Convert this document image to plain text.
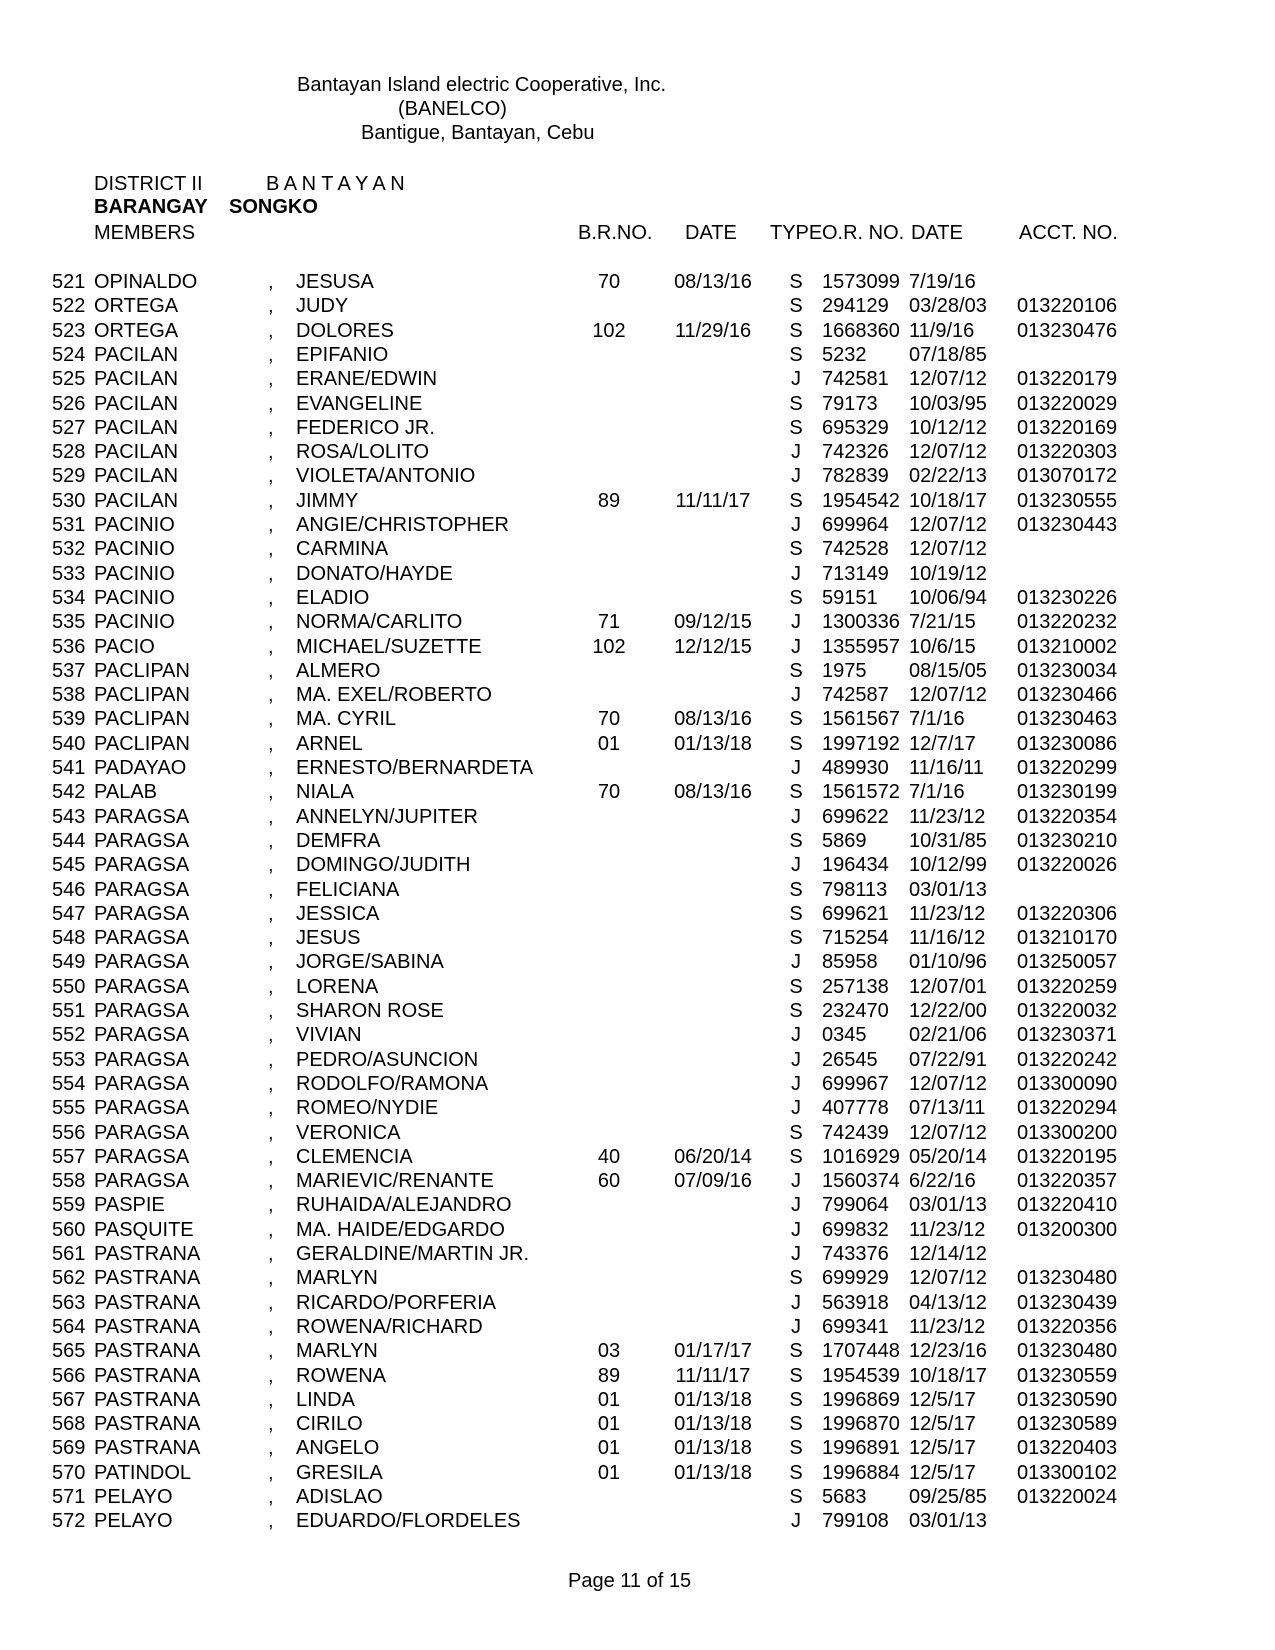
Bantayan Island electric Cooperative, Inc.
(BANELCO)
Bantigue, Bantayan, Cebu
DISTRICT II	B A N T A Y A N
BARANGAY SONGKO
MEMBERS	B.R.NO. DATE TYPE O.R. NO. DATE	ACCT. NO.
521 OPINALDO	, JESUSA	70	08/13/16 S 1573099 7/19/16
522 ORTEGA	, JUDY	S 294129 03/28/03 013220106
523 ORTEGA	, DOLORES	102	11/29/16 S 1668360 11/9/16 013230476
524 PACILAN	, EPIFANIO	S 5232 07/18/85
525 PACILAN	, ERANE/EDWIN	J 742581 12/07/12 013220179
526 PACILAN	, EVANGELINE	S 79173 10/03/95 013220029
527 PACILAN	, FEDERICO JR.	S 695329 10/12/12 013220169
528 PACILAN	, ROSA/LOLITO	J 742326 12/07/12 013220303
529 PACILAN	, VIOLETA/ANTONIO	J 782839 02/22/13 013070172
530 PACILAN	, JIMMY	89	11/11/17 S 1954542 10/18/17 013230555
531 PACINIO	, ANGIE/CHRISTOPHER	J 699964 12/07/12 013230443
532 PACINIO	, CARMINA	S 742528 12/07/12
533 PACINIO	, DONATO/HAYDE	J 713149 10/19/12
534 PACINIO	, ELADIO	S 59151 10/06/94 013230226
535 PACINIO	, NORMA/CARLITO	71	09/12/15 J 1300336 7/21/15 013220232
536 PACIO	, MICHAEL/SUZETTE	102	12/12/15 J 1355957 10/6/15 013210002
537 PACLIPAN	, ALMERO	S 1975 08/15/05 013230034
538 PACLIPAN	, MA. EXEL/ROBERTO	J 742587 12/07/12 013230466
539 PACLIPAN	, MA. CYRIL	70	08/13/16 S 1561567 7/1/16	013230463
540 PACLIPAN	, ARNEL	01	01/13/18 S 1997192 12/7/17 013230086
541 PADAYAO	, ERNESTO/BERNARDETA	J 489930 11/16/11 013220299
542 PALAB	, NIALA	70	08/13/16 S 1561572 7/1/16	013230199
543 PARAGSA	, ANNELYN/JUPITER	J 699622 11/23/12 013220354
544 PARAGSA	, DEMFRA	S 5869 10/31/85 013230210
545 PARAGSA	, DOMINGO/JUDITH	J 196434 10/12/99 013220026
546 PARAGSA	, FELICIANA	S 798113 03/01/13
547 PARAGSA	, JESSICA	S 699621 11/23/12 013220306
548 PARAGSA	, JESUS	S 715254 11/16/12 013210170
549 PARAGSA	, JORGE/SABINA	J 85958 01/10/96 013250057
550 PARAGSA	, LORENA	S 257138 12/07/01 013220259
551 PARAGSA	, SHARON ROSE	S 232470 12/22/00 013220032
552 PARAGSA	, VIVIAN	J 0345 02/21/06 013230371
553 PARAGSA	, PEDRO/ASUNCION	J 26545 07/22/91 013220242
554 PARAGSA	, RODOLFO/RAMONA	J 699967 12/07/12 013300090
555 PARAGSA	, ROMEO/NYDIE	J 407778 07/13/11 013220294
556 PARAGSA	, VERONICA	S 742439 12/07/12 013300200
557 PARAGSA	, CLEMENCIA	40	06/20/14 S 1016929 05/20/14 013220195
558 PARAGSA	, MARIEVIC/RENANTE	60	07/09/16 J 1560374 6/22/16 013220357
559 PASPIE	, RUHAIDA/ALEJANDRO	J 799064 03/01/13 013220410
560 PASQUITE	, MA. HAIDE/EDGARDO	J 699832 11/23/12 013200300
561 PASTRANA	, GERALDINE/MARTIN JR.	J 743376 12/14/12
562 PASTRANA	, MARLYN	S 699929 12/07/12 013230480
563 PASTRANA	, RICARDO/PORFERIA	J 563918 04/13/12 013230439
564 PASTRANA	, ROWENA/RICHARD	J 699341 11/23/12 013220356
565 PASTRANA	, MARLYN	03	01/17/17 S 1707448 12/23/16 013230480
566 PASTRANA	, ROWENA	89	11/11/17 S 1954539 10/18/17 013230559
567 PASTRANA	, LINDA	01	01/13/18 S 1996869 12/5/17 013230590
568 PASTRANA	, CIRILO	01	01/13/18 S 1996870 12/5/17 013230589
569 PASTRANA	, ANGELO	01	01/13/18 S 1996891 12/5/17 013220403
570 PATINDOL	, GRESILA	01	01/13/18 S 1996884 12/5/17 013300102
571 PELAYO	, ADISLAO	S 5683 09/25/85 013220024
572 PELAYO	, EDUARDO/FLORDELES	J 799108 03/01/13
Page 11 of 15
